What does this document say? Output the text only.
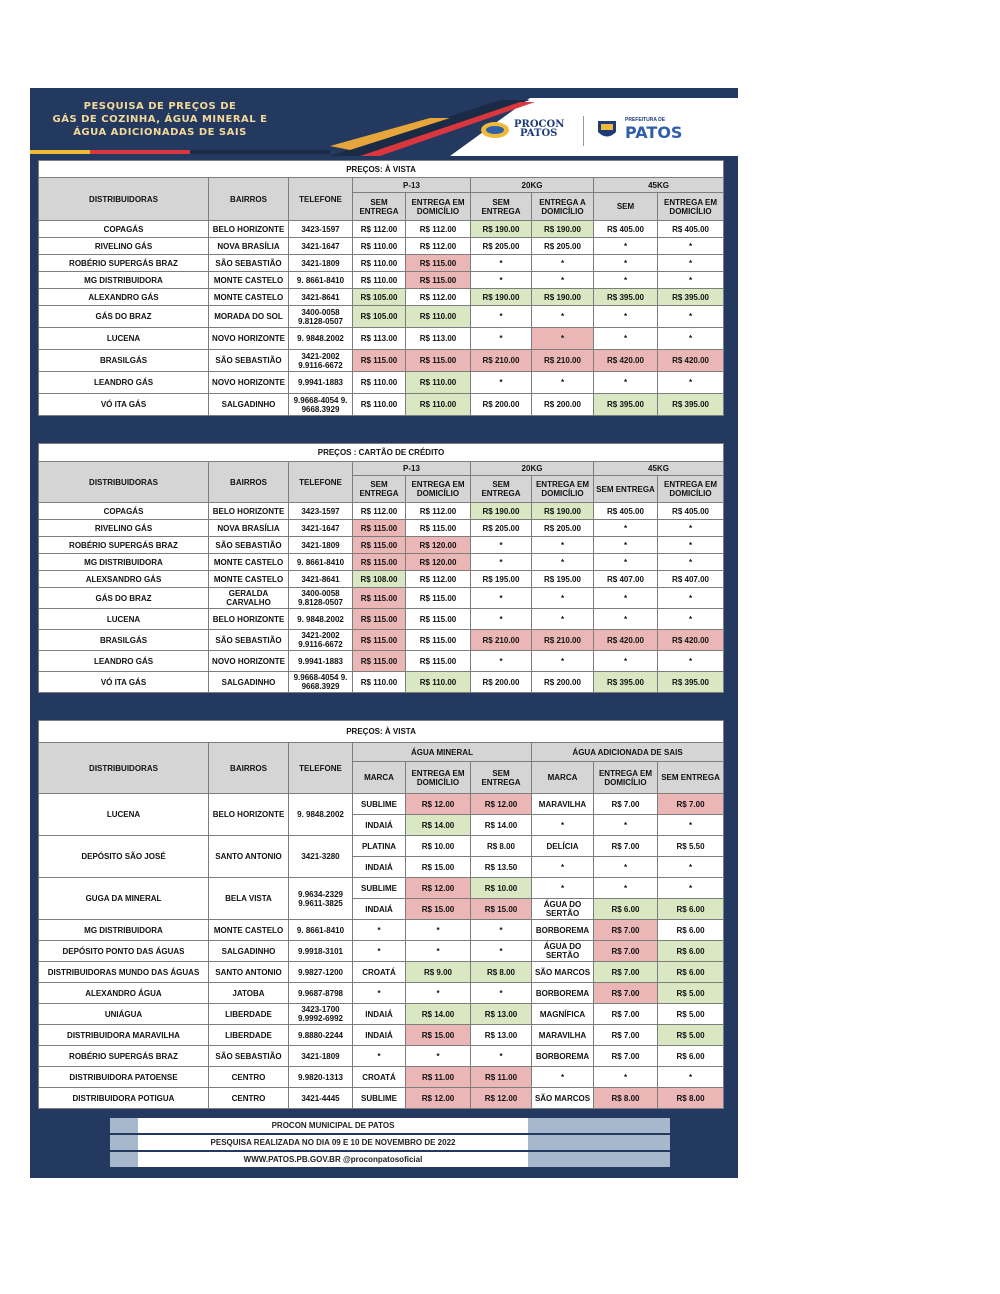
PESQUISA DE PREÇOS DE
GÁS DE COZINHA, ÁGUA MINERAL E
ÁGUA ADICIONADAS DE SAIS
PROCON
PATOS
PREFEITURA DE
PATOS
PREÇOS: À VISTA								
DISTRIBUIDORAS	BAIRROS	TELEFONE	P-13		20KG		45KG	
			SEM ENTREGA	ENTREGA EM DOMICÍLIO	SEM ENTREGA	ENTREGA A DOMICÍLIO	SEM	ENTREGA EM DOMICÍLIO
COPAGÁS	BELO HORIZONTE	3423-1597	R$ 112.00	R$ 112.00	R$ 190.00	R$ 190.00	R$ 405.00	R$ 405.00
RIVELINO GÁS	NOVA BRASÍLIA	3421-1647	R$ 110.00	R$ 112.00	R$ 205.00	R$ 205.00	*	*
ROBÉRIO SUPERGÁS BRAZ	SÃO SEBASTIÃO	3421-1809	R$ 110.00	R$ 115.00	*	*	*	*
MG DISTRIBUIDORA	MONTE CASTELO	9. 8661-8410	R$ 110.00	R$ 115.00	*	*	*	*
ALEXANDRO GÁS	MONTE CASTELO	3421-8641	R$ 105.00	R$ 112.00	R$ 190.00	R$ 190.00	R$ 395.00	R$ 395.00
GÁS DO BRAZ	MORADA DO SOL	3400-0058 9.8128-0507	R$ 105.00	R$ 110.00	*	*	*	*
LUCENA	NOVO HORIZONTE	9. 9848.2002	R$ 113.00	R$ 113.00	*	*	*	*
BRASILGÁS	SÃO SEBASTIÃO	3421-2002 9.9116-6672	R$ 115.00	R$ 115.00	R$ 210.00	R$ 210.00	R$ 420.00	R$ 420.00
LEANDRO GÁS	NOVO HORIZONTE	9.9941-1883	R$ 110.00	R$ 110.00	*	*	*	*
VÓ ITA GÁS	SALGADINHO	9.9668-4054 9. 9668.3929	R$ 110.00	R$ 110.00	R$ 200.00	R$ 200.00	R$ 395.00	R$ 395.00
PREÇOS : CARTÃO DE CRÉDITO								
DISTRIBUIDORAS	BAIRROS	TELEFONE	P-13		20KG		45KG	
			SEM ENTREGA	ENTREGA EM DOMICÍLIO	SEM ENTREGA	ENTREGA EM DOMICÍLIO	SEM ENTREGA	ENTREGA EM DOMICÍLIO
COPAGÁS	BELO HORIZONTE	3423-1597	R$ 112.00	R$ 112.00	R$ 190.00	R$ 190.00	R$ 405.00	R$ 405.00
RIVELINO GÁS	NOVA BRASÍLIA	3421-1647	R$ 115.00	R$ 115.00	R$ 205.00	R$ 205.00	*	*
ROBÉRIO SUPERGÁS BRAZ	SÃO SEBASTIÃO	3421-1809	R$ 115.00	R$ 120.00	*	*	*	*
MG DISTRIBUIDORA	MONTE CASTELO	9. 8661-8410	R$ 115.00	R$ 120.00	*	*	*	*
ALEXSANDRO GÁS	MONTE CASTELO	3421-8641	R$ 108.00	R$ 112.00	R$ 195.00	R$ 195.00	R$ 407.00	R$ 407.00
GÁS DO BRAZ	GERALDA CARVALHO	3400-0058 9.8128-0507	R$ 115.00	R$ 115.00	*	*	*	*
LUCENA	BELO HORIZONTE	9. 9848.2002	R$ 115.00	R$ 115.00	*	*	*	*
BRASILGÁS	SÃO SEBASTIÃO	3421-2002 9.9116-6672	R$ 115.00	R$ 115.00	R$ 210.00	R$ 210.00	R$ 420.00	R$ 420.00
LEANDRO GÁS	NOVO HORIZONTE	9.9941-1883	R$ 115.00	R$ 115.00	*	*	*	*
VÓ ITA GÁS	SALGADINHO	9.9668-4054 9. 9668.3929	R$ 110.00	R$ 110.00	R$ 200.00	R$ 200.00	R$ 395.00	R$ 395.00
PREÇOS: À VISTA								
DISTRIBUIDORAS	BAIRROS	TELEFONE	ÁGUA MINERAL			ÁGUA ADICIONADA DE SAIS		
			MARCA	ENTREGA EM DOMICÍLIO	SEM ENTREGA	MARCA	ENTREGA EM DOMICÍLIO	SEM ENTREGA
LUCENA	BELO HORIZONTE	9. 9848.2002	SUBLIME	R$ 12.00	R$ 12.00	MARAVILHA	R$ 7.00	R$ 7.00
			INDAIÁ	R$ 14.00	R$ 14.00	*	*	*
DEPÓSITO SÃO JOSÉ	SANTO ANTONIO	3421-3280	PLATINA	R$ 10.00	R$ 8.00	DELÍCIA	R$ 7.00	R$ 5.50
			INDAIÁ	R$ 15.00	R$ 13.50	*	*	*
GUGA DA MINERAL	BELA VISTA	9.9634-2329 9.9611-3825	SUBLIME	R$ 12.00	R$ 10.00	*	*	*
			INDAIÁ	R$ 15.00	R$ 15.00	ÁGUA DO SERTÃO	R$ 6.00	R$ 6.00
MG DISTRIBUIDORA	MONTE CASTELO	9. 8661-8410	*	*	*	BORBOREMA	R$ 7.00	R$ 6.00
DEPÓSITO PONTO DAS ÁGUAS	SALGADINHO	9.9918-3101	*	*	*	ÁGUA DO SERTÃO	R$ 7.00	R$ 6.00
DISTRIBUIDORAS MUNDO DAS ÁGUAS	SANTO ANTONIO	9.9827-1200	CROATÁ	R$ 9.00	R$ 8.00	SÃO MARCOS	R$ 7.00	R$ 6.00
ALEXANDRO ÁGUA	JATOBA	9.9687-8798	*	*	*	BORBOREMA	R$ 7.00	R$ 5.00
UNIÁGUA	LIBERDADE	3423-1700 9.9992-6992	INDAIÁ	R$ 14.00	R$ 13.00	MAGNÍFICA	R$ 7.00	R$ 5.00
DISTRIBUIDORA MARAVILHA	LIBERDADE	9.8880-2244	INDAIÁ	R$ 15.00	R$ 13.00	MARAVILHA	R$ 7.00	R$ 5.00
ROBÉRIO SUPERGÁS BRAZ	SÃO SEBASTIÃO	3421-1809	*	*	*	BORBOREMA	R$ 7.00	R$ 6.00
DISTRIBUIDORA PATOENSE	CENTRO	9.9820-1313	CROATÁ	R$ 11.00	R$ 11.00	*	*	*
DISTRIBUIDORA POTIGUA	CENTRO	3421-4445	SUBLIME	R$ 12.00	R$ 12.00	SÃO MARCOS	R$ 8.00	R$ 8.00
PROCON MUNICIPAL DE PATOS
PESQUISA REALIZADA NO DIA 09 E 10 DE NOVEMBRO DE 2022
WWW.PATOS.PB.GOV.BR @proconpatosoficial
